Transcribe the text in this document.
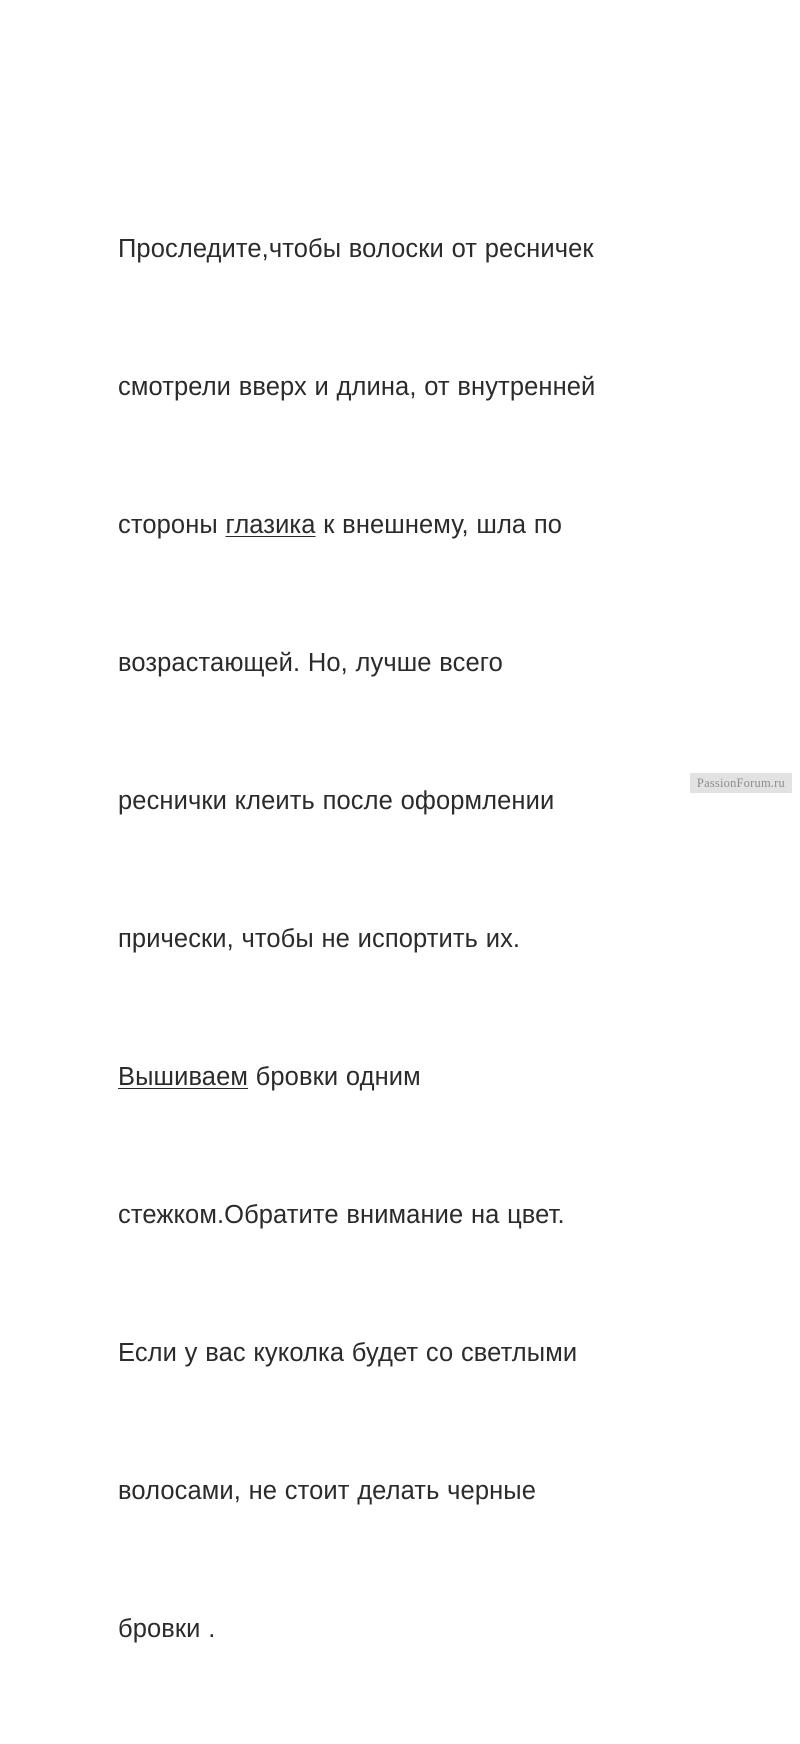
Проследите,чтобы волоски от ресничек

смотрели вверх и длина, от внутренней

стороны глазика к внешнему, шла по

возрастающей. Но, лучше всего

реснички клеить после оформлении

прически, чтобы не испортить их.

Вышиваем бровки одним

стежком.Обратите внимание на цвет.

Если у вас куколка будет со светлыми

волосами, не стоит делать черные

бровки .

PassionForum.ru
